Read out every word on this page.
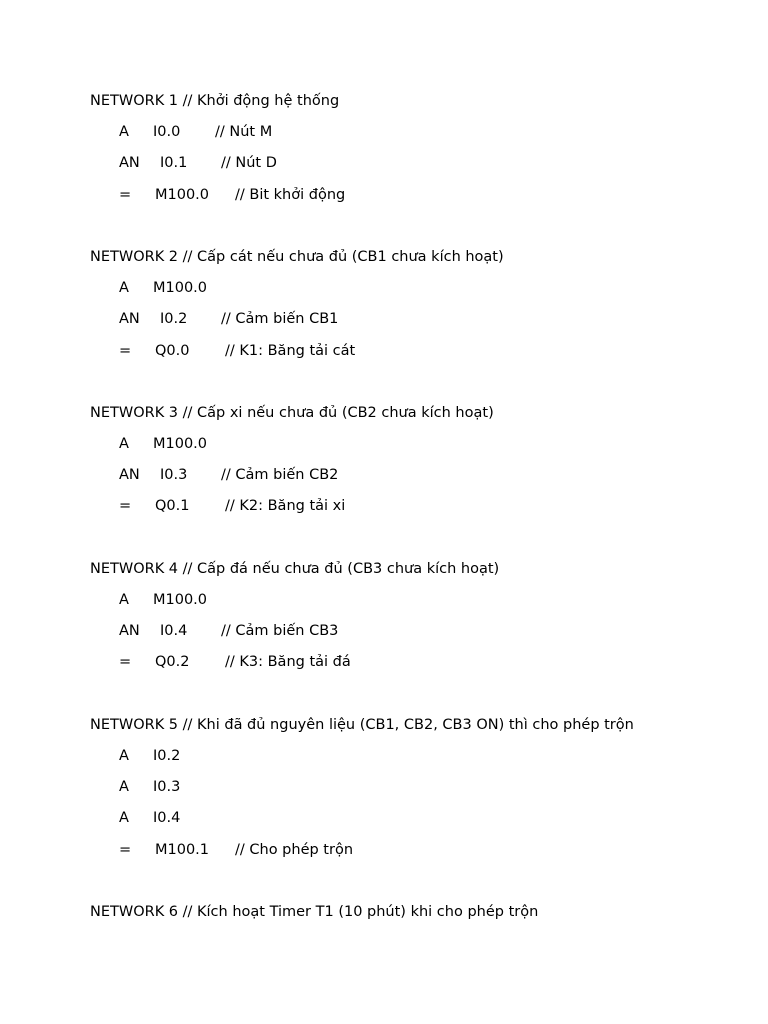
NETWORK 1 // Khởi động hệ thống
A I0.0 // Nút M
AN I0.1 // Nút D
= M100.0 // Bit khởi động
NETWORK 2 // Cấp cát nếu chưa đủ (CB1 chưa kích hoạt)
A M100.0
AN I0.2 // Cảm biến CB1
= Q0.0 // K1: Băng tải cát
NETWORK 3 // Cấp xi nếu chưa đủ (CB2 chưa kích hoạt)
A M100.0
AN I0.3 // Cảm biến CB2
= Q0.1 // K2: Băng tải xi
NETWORK 4 // Cấp đá nếu chưa đủ (CB3 chưa kích hoạt)
A M100.0
AN I0.4 // Cảm biến CB3
= Q0.2 // K3: Băng tải đá
NETWORK 5 // Khi đã đủ nguyên liệu (CB1, CB2, CB3 ON) thì cho phép trộn
A I0.2
A I0.3
A I0.4
= M100.1 // Cho phép trộn
NETWORK 6 // Kích hoạt Timer T1 (10 phút) khi cho phép trộn
